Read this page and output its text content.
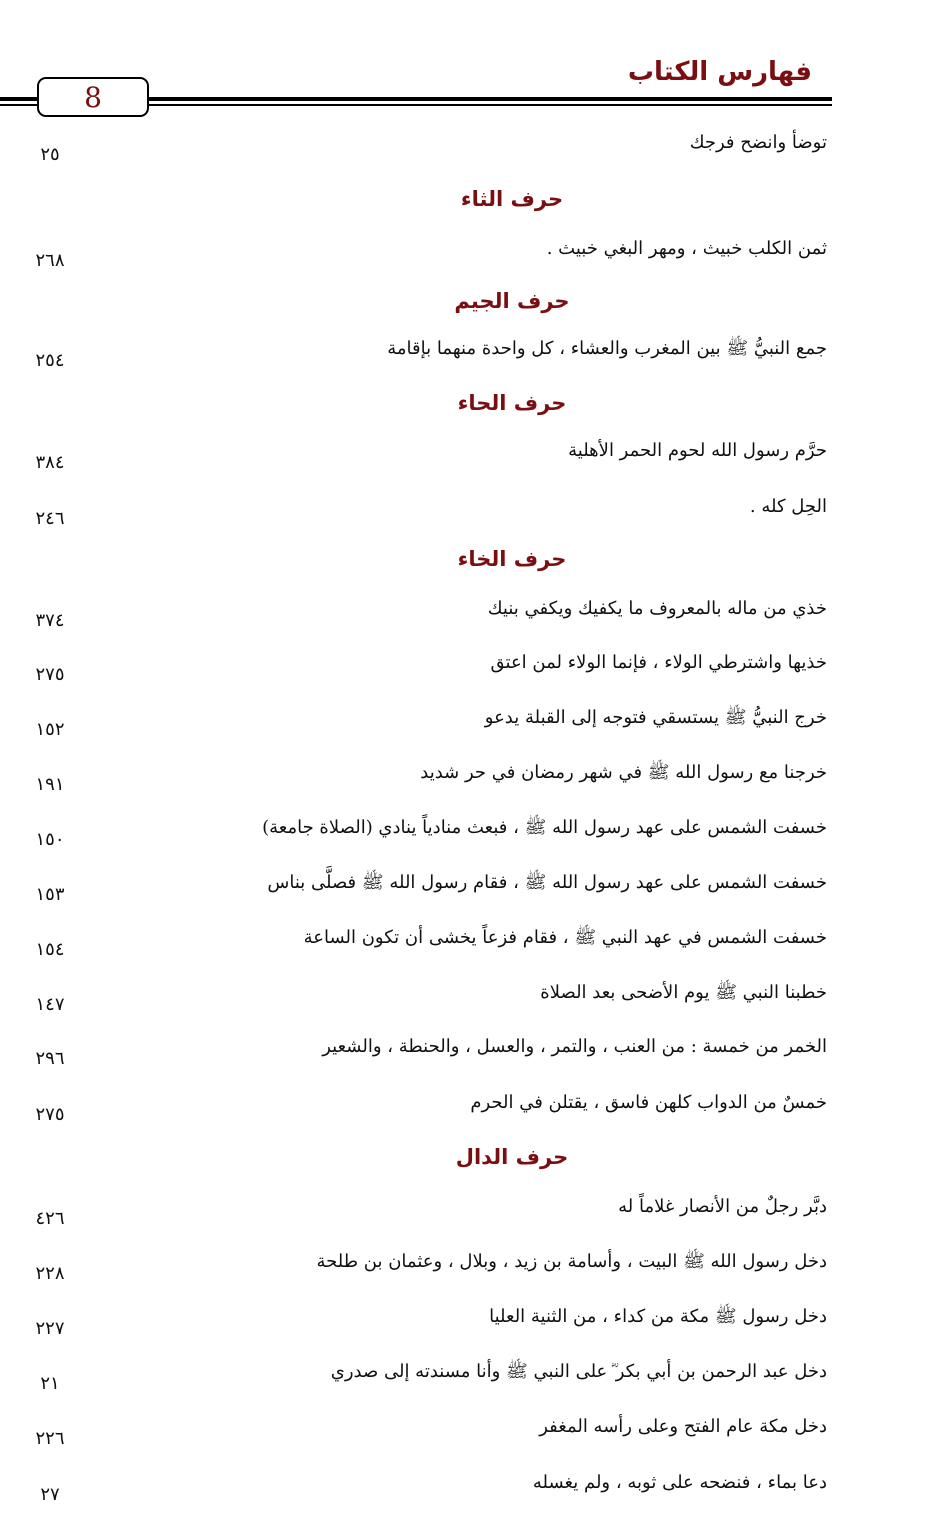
فهارس الكتاب
8
توضأ وانضح فرجك
٢٥
حرف الثاء
ثمن الكلب خبيث ، ومهر البغي خبيث .
٢٦٨
حرف الجيم
جمع النبيُّ ﷺ بين المغرب والعشاء ، كل واحدة منهما بإقامة
٢٥٤
حرف الحاء
حرَّم رسول الله لحوم الحمر الأهلية
٣٨٤
الحِل كله .
٢٤٦
حرف الخاء
خذي من ماله بالمعروف ما يكفيك ويكفي بنيك
٣٧٤
خذيها واشترطي الولاء ، فإنما الولاء لمن اعتق
٢٧٥
خرج النبيُّ ﷺ يستسقي فتوجه إلى القبلة يدعو
١٥٢
خرجنا مع رسول الله ﷺ في شهر رمضان في حر شديد
١٩١
خسفت الشمس على عهد رسول الله ﷺ ، فبعث منادياً ينادي (الصلاة جامعة)
١٥٠
خسفت الشمس على عهد رسول الله ﷺ ، فقام رسول الله ﷺ فصلَّى بناس
١٥٣
خسفت الشمس في عهد النبي ﷺ ، فقام فزعاً يخشى أن تكون الساعة
١٥٤
خطبنا النبي ﷺ يوم الأضحى بعد الصلاة
١٤٧
الخمر من خمسة : من العنب ، والتمر ، والعسل ، والحنطة ، والشعير
٢٩٦
خمسٌ من الدواب كلهن فاسق ، يقتلن في الحرم
٢٧٥
حرف الدال
دبَّر رجلٌ من الأنصار غلاماً له
٤٢٦
دخل رسول الله ﷺ البيت ، وأسامة بن زيد ، وبلال ، وعثمان بن طلحة
٢٢٨
دخل رسول ﷺ مكة من كداء ، من الثنية العليا
٢٢٧
دخل عبد الرحمن بن أبي بكر ؓ على النبي ﷺ وأنا مسندته إلى صدري
٢١
دخل مكة عام الفتح وعلى رأسه المغفر
٢٢٦
دعا بماء ، فنضحه على ثوبه ، ولم يغسله
٢٧
